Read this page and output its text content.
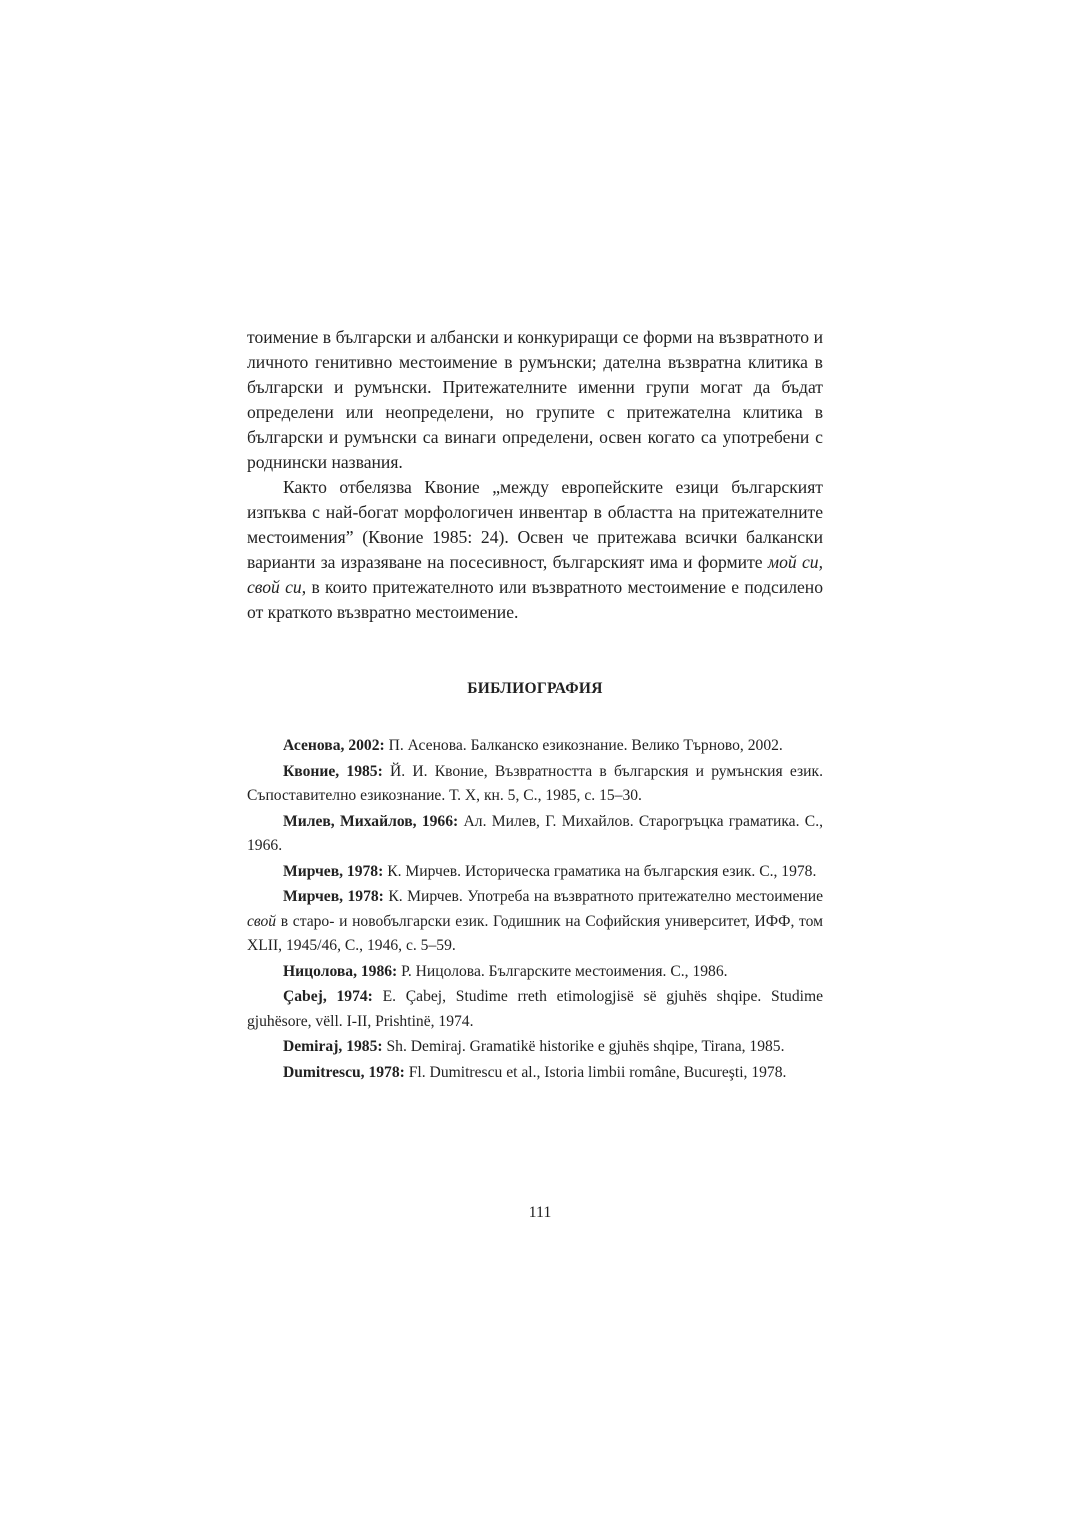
тоимение в български и албански и конкуриращи се форми на възвратното и личното генитивно местоимение в румънски; дателна възвратна клитика в български и румънски. Притежателните именни групи могат да бъдат определени или неопределени, но групите с притежателна клитика в български и румънски са винаги определени, освен когато са употребени с роднински названия.

Както отбелязва Квоние „между европейските езици българският изпъква с най-богат морфологичен инвентар в областта на притежателните местоимения” (Квоние 1985: 24). Освен че притежава всички балкански варианти за изразяване на посесивност, българският има и формите мой си, свой си, в които притежателното или възвратното местоимение е подсилено от краткото възвратно местоимение.

БИБЛИОГРАФИЯ

Асенова, 2002: П. Асенова. Балканско езикознание. Велико Търново, 2002.

Квоние, 1985: Й. И. Квоние, Възвратността в българския и румънския език. Съпоставително езикознание. Т. X, кн. 5, С., 1985, с. 15–30.

Милев, Михайлов, 1966: Ал. Милев, Г. Михайлов. Старогръцка граматика. С., 1966.

Мирчев, 1978: К. Мирчев. Историческа граматика на българския език. С., 1978.

Мирчев, 1978: К. Мирчев. Употреба на възвратното притежателно местоимение свой в старо- и новобългарски език. Годишник на Софийския университет, ИФФ, том XLII, 1945/46, С., 1946, с. 5–59.

Ницолова, 1986: Р. Ницолова. Българските местоимения. С., 1986.

Çabej, 1974: E. Çabej, Studime rreth etimologjisë së gjuhës shqipe. Studime gjuhësore, vëll. I-II, Prishtinë, 1974.

Demiraj, 1985: Sh. Demiraj. Gramatikë historike e gjuhës shqipe, Tirana, 1985.

Dumitrescu, 1978: Fl. Dumitrescu et al., Istoria limbii române, Bucureşti, 1978.

111
